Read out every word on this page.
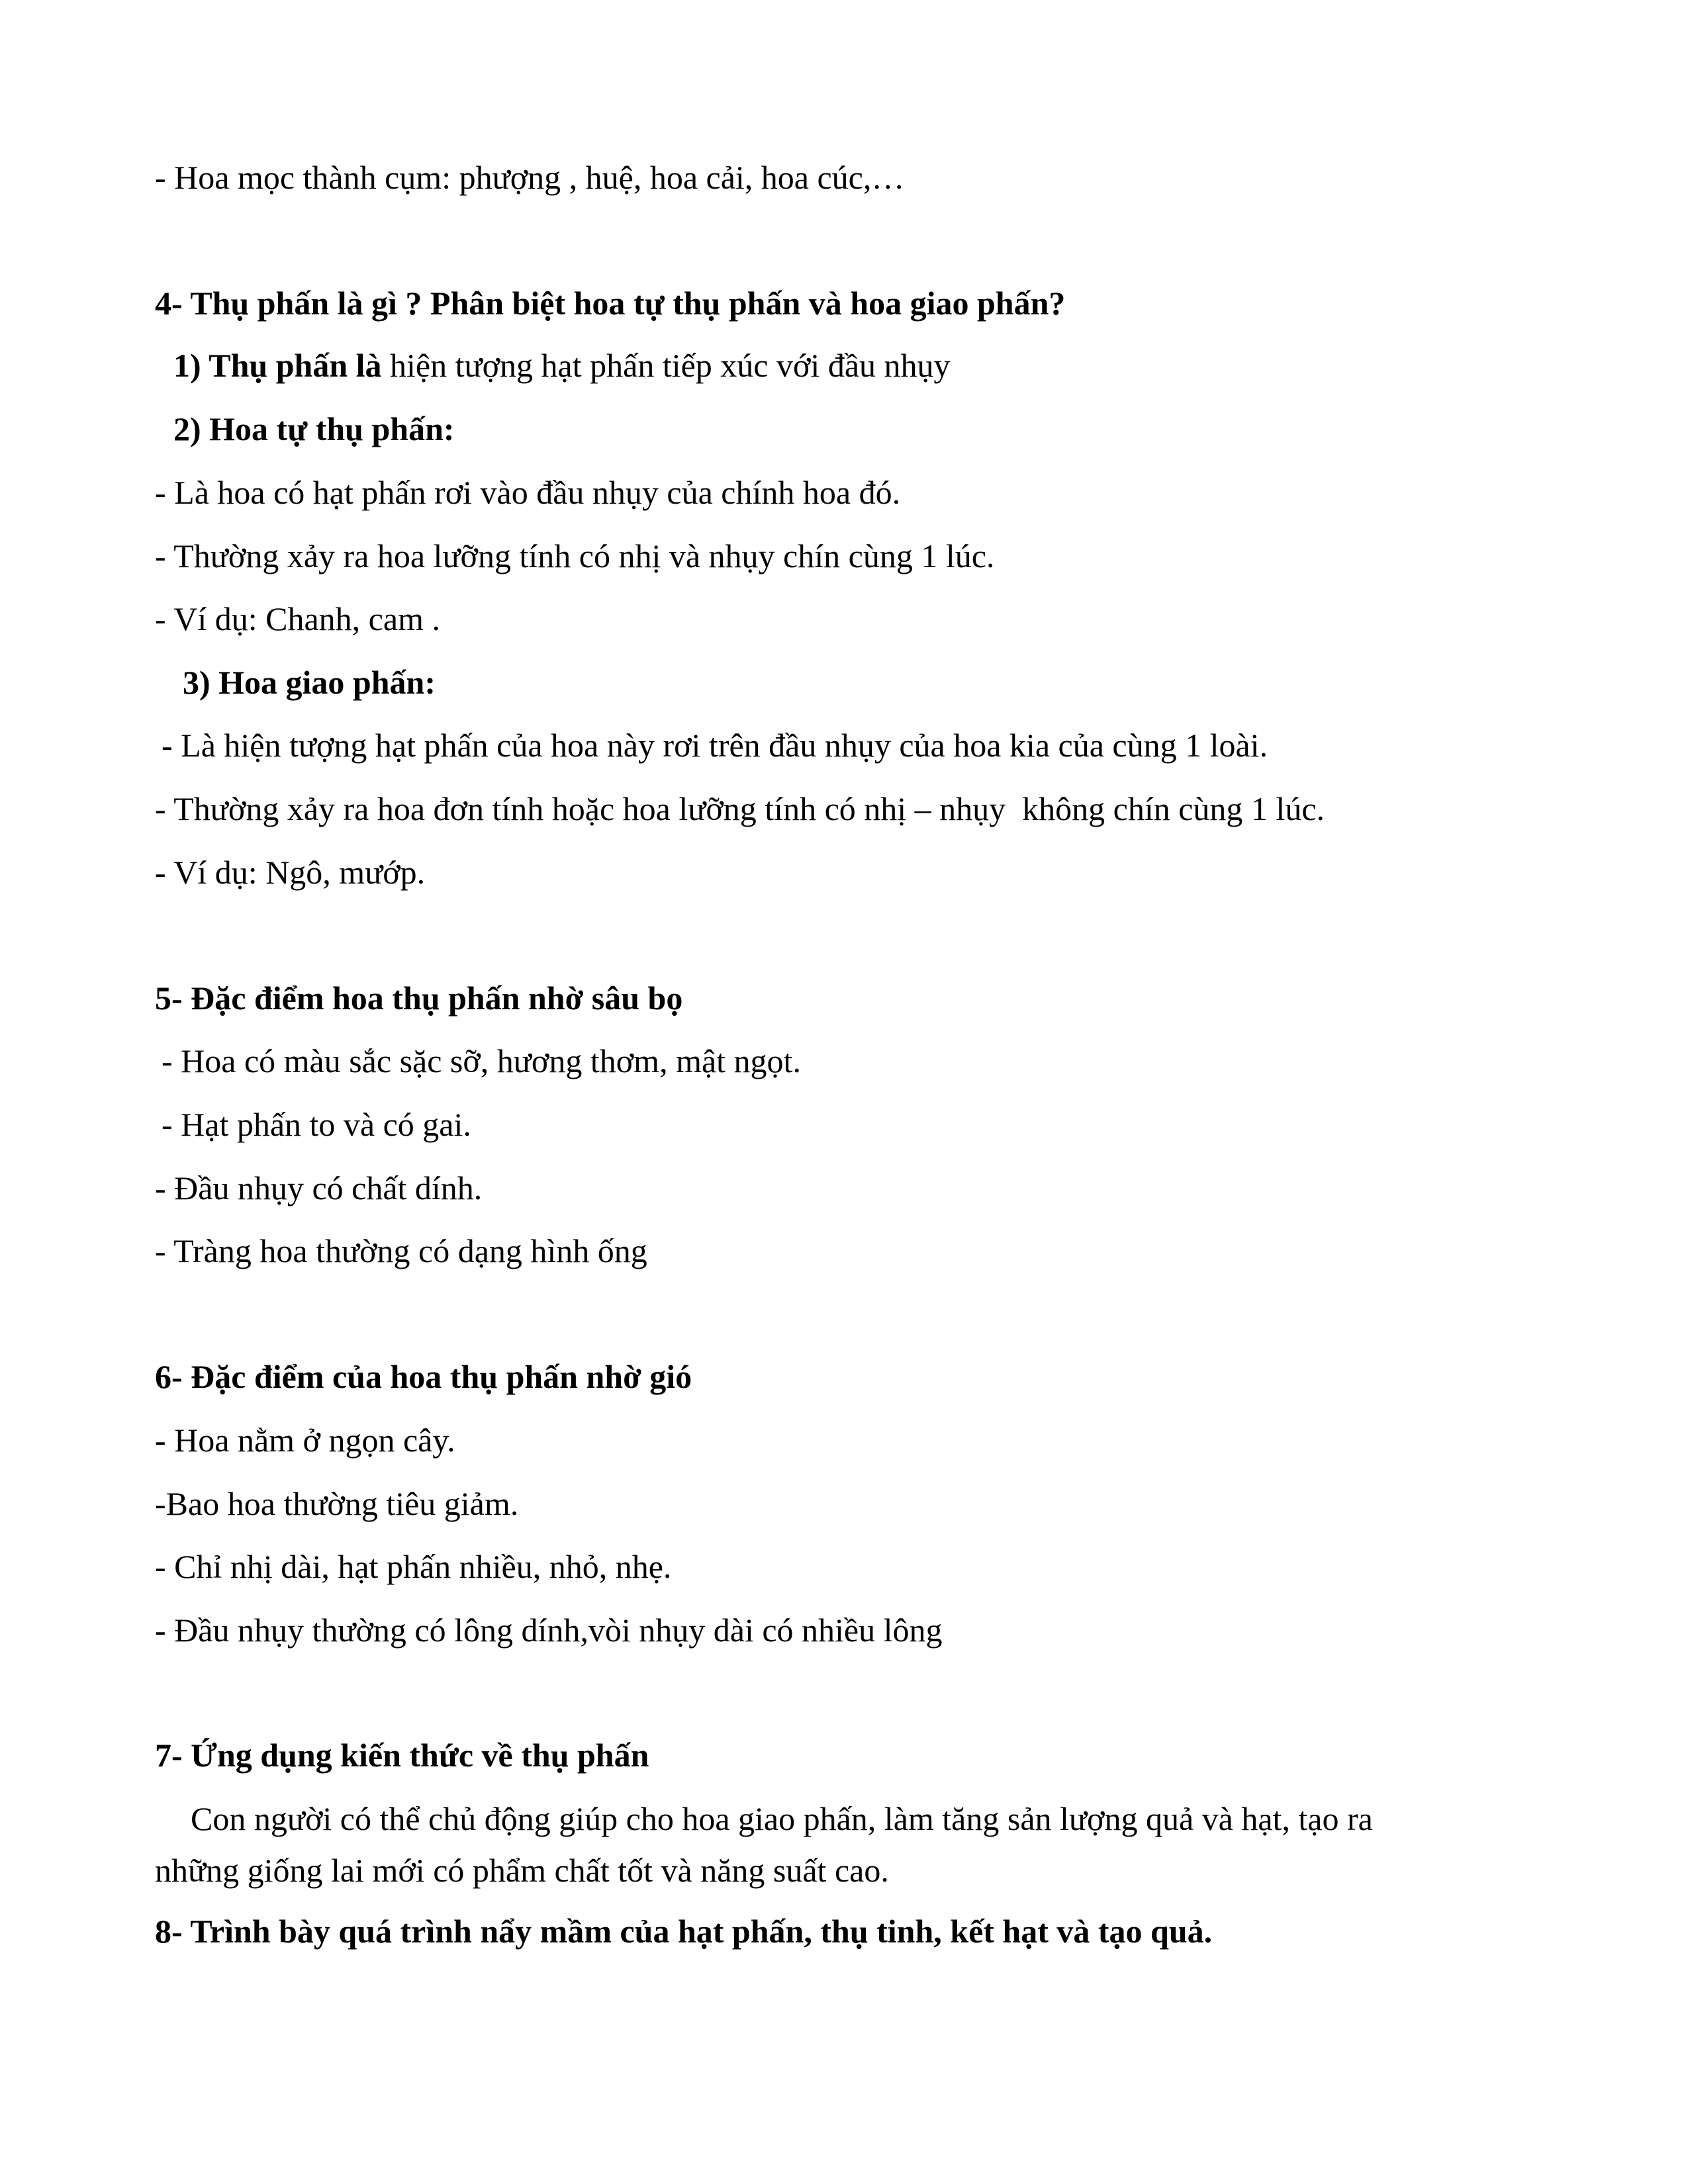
- Hoa mọc thành cụm: phượng , huệ, hoa cải, hoa cúc,…

4- Thụ phấn là gì ? Phân biệt hoa tự thụ phấn và hoa giao phấn?

1) Thụ phấn là hiện tượng hạt phấn tiếp xúc với đầu nhụy

2) Hoa tự thụ phấn:

- Là hoa có hạt phấn rơi vào đầu nhụy của chính hoa đó.

- Thường xảy ra hoa lưỡng tính có nhị và nhụy chín cùng 1 lúc.

- Ví dụ: Chanh, cam .

3) Hoa giao phấn:

- Là hiện tượng hạt phấn của hoa này rơi trên đầu nhụy của hoa kia của cùng 1 loài.

- Thường xảy ra hoa đơn tính hoặc hoa lưỡng tính có nhị – nhụy  không chín cùng 1 lúc.

- Ví dụ: Ngô, mướp.

5- Đặc điểm hoa thụ phấn nhờ sâu bọ

- Hoa có màu sắc sặc sỡ, hương thơm, mật ngọt.

- Hạt phấn to và có gai.

- Đầu nhụy có chất dính.

- Tràng hoa thường có dạng hình ống

6- Đặc điểm của hoa thụ phấn nhờ gió

- Hoa nằm ở ngọn cây.

-Bao hoa thường tiêu giảm.

- Chỉ nhị dài, hạt phấn nhiều, nhỏ, nhẹ.

- Đầu nhụy thường có lông dính,vòi nhụy dài có nhiều lông

7- Ứng dụng kiến thức về thụ phấn

Con người có thể chủ động giúp cho hoa giao phấn, làm tăng sản lượng quả và hạt, tạo ra

những giống lai mới có phẩm chất tốt và năng suất cao.

8- Trình bày quá trình nẩy mầm của hạt phấn, thụ tinh, kết hạt và tạo quả.
